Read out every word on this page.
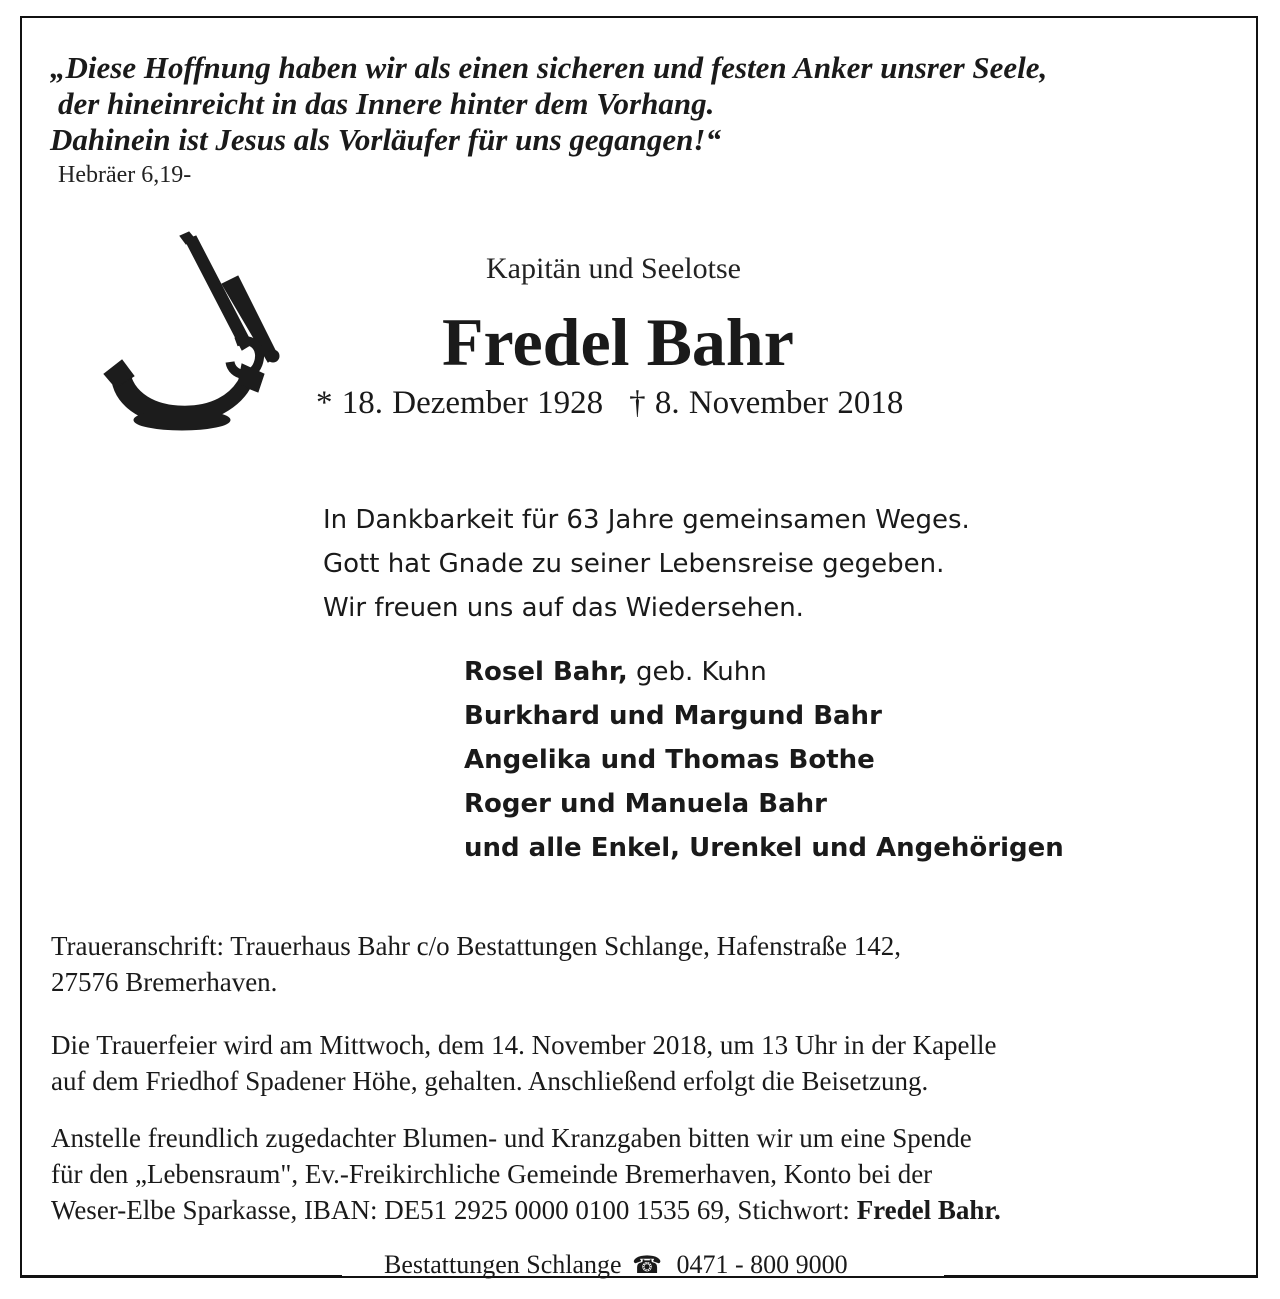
„Diese Hoffnung haben wir als einen sicheren und festen Anker unsrer Seele,
der hineinreicht in das Innere hinter dem Vorhang.
Dahinein ist Jesus als Vorläufer für uns gegangen!“
Hebräer 6,19-
Kapitän und Seelotse
Fredel Bahr
* 18. Dezember 1928 † 8. November 2018
In Dankbarkeit für 63 Jahre gemeinsamen Weges.
Gott hat Gnade zu seiner Lebensreise gegeben.
Wir freuen uns auf das Wiedersehen.
Rosel Bahr, geb. Kuhn
Burkhard und Margund Bahr
Angelika und Thomas Bothe
Roger und Manuela Bahr
und alle Enkel, Urenkel und Angehörigen
Traueranschrift: Trauerhaus Bahr c/o Bestattungen Schlange, Hafenstraße 142,
27576 Bremerhaven.
Die Trauerfeier wird am Mittwoch, dem 14. November 2018, um 13 Uhr in der Kapelle
auf dem Friedhof Spadener Höhe, gehalten. Anschließend erfolgt die Beisetzung.
Anstelle freundlich zugedachter Blumen- und Kranzgaben bitten wir um eine Spende
für den „Lebensraum", Ev.-Freikirchliche Gemeinde Bremerhaven, Konto bei der
Weser-Elbe Sparkasse, IBAN: DE51 2925 0000 0100 1535 69, Stichwort: Fredel Bahr.
Bestattungen Schlange ☎ 0471 - 800 9000
